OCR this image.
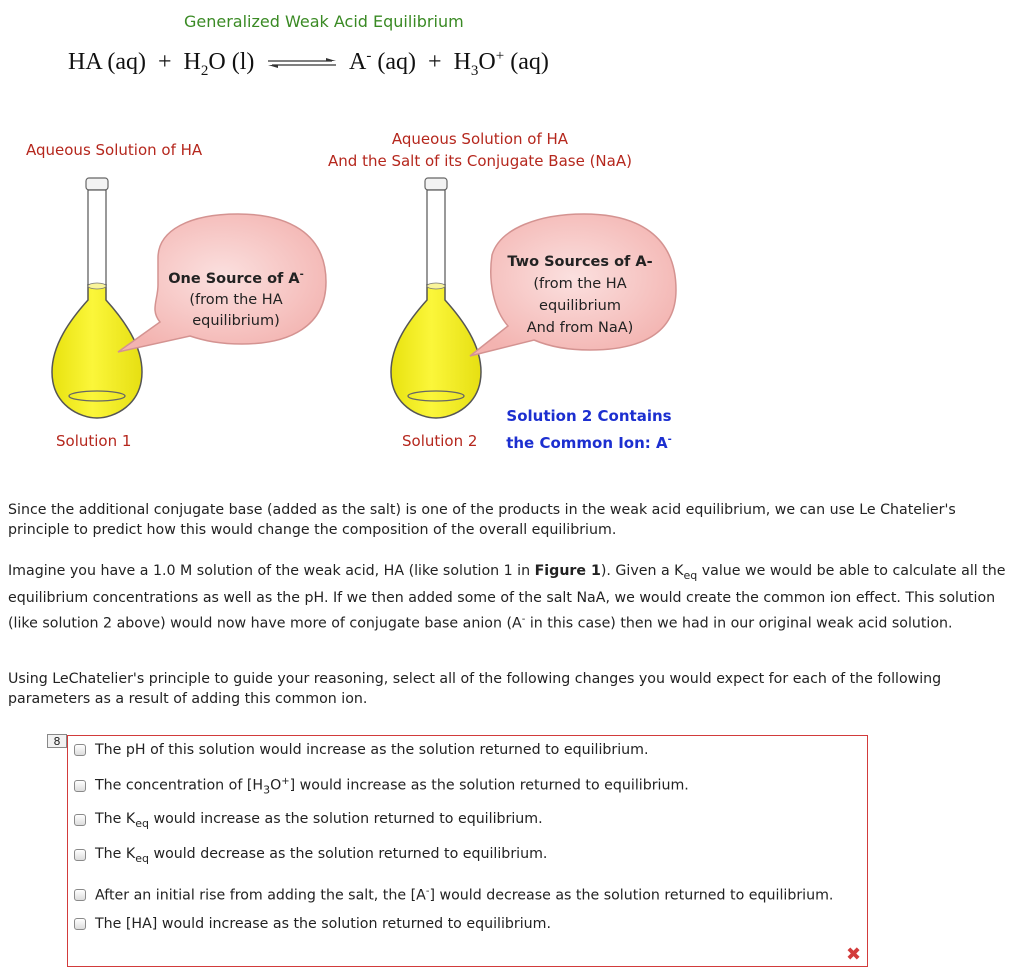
Generalized Weak Acid Equilibrium
HA $(aq) + H_2O$ (l) ⇌ A- $(aq) + H_3O^+$ (aq)
Aqueous Solution of HA
Aqueous Solution of HA
And the Salt of its Conjugate Base (NaA)
One Source of A-
(from the HA
equilibrium)
Two Sources of A-
(from the HA
equilibrium
And from NaA)
Solution 1	Solution 2
Solution 2 Contains
the Common Ion: A-

Since the additional conjugate base (added as the salt) is one of the products in the weak acid equilibrium, we can use Le Chatelier's principle to predict how this would change the composition of the overall equilibrium.

Imagine you have a 1.0 M solution of the weak acid, HA (like solution 1 in Figure 1). Given a $K_{eq}$ value we would be able to calculate all the equilibrium concentrations as well as the pH. If we then added some of the salt NaA, we would create the common ion effect. This solution (like solution 2 above) would now have more of conjugate base anion (A- in this case) then we had in our original weak acid solution.

Using LeChatelier's principle to guide your reasoning, select all of the following changes you would expect for each of the following parameters as a result of adding this common ion.

8
The pH of this solution would increase as the solution returned to equilibrium.
The concentration of $[H_3O^+]$ would increase as the solution returned to equilibrium.
The $K_{eq}$ would increase as the solution returned to equilibrium.
The $K_{eq}$ would decrease as the solution returned to equilibrium.
After an initial rise from adding the salt, the [A-] would decrease as the solution returned to equilibrium.
The [HA] would increase as the solution returned to equilibrium.
✖
